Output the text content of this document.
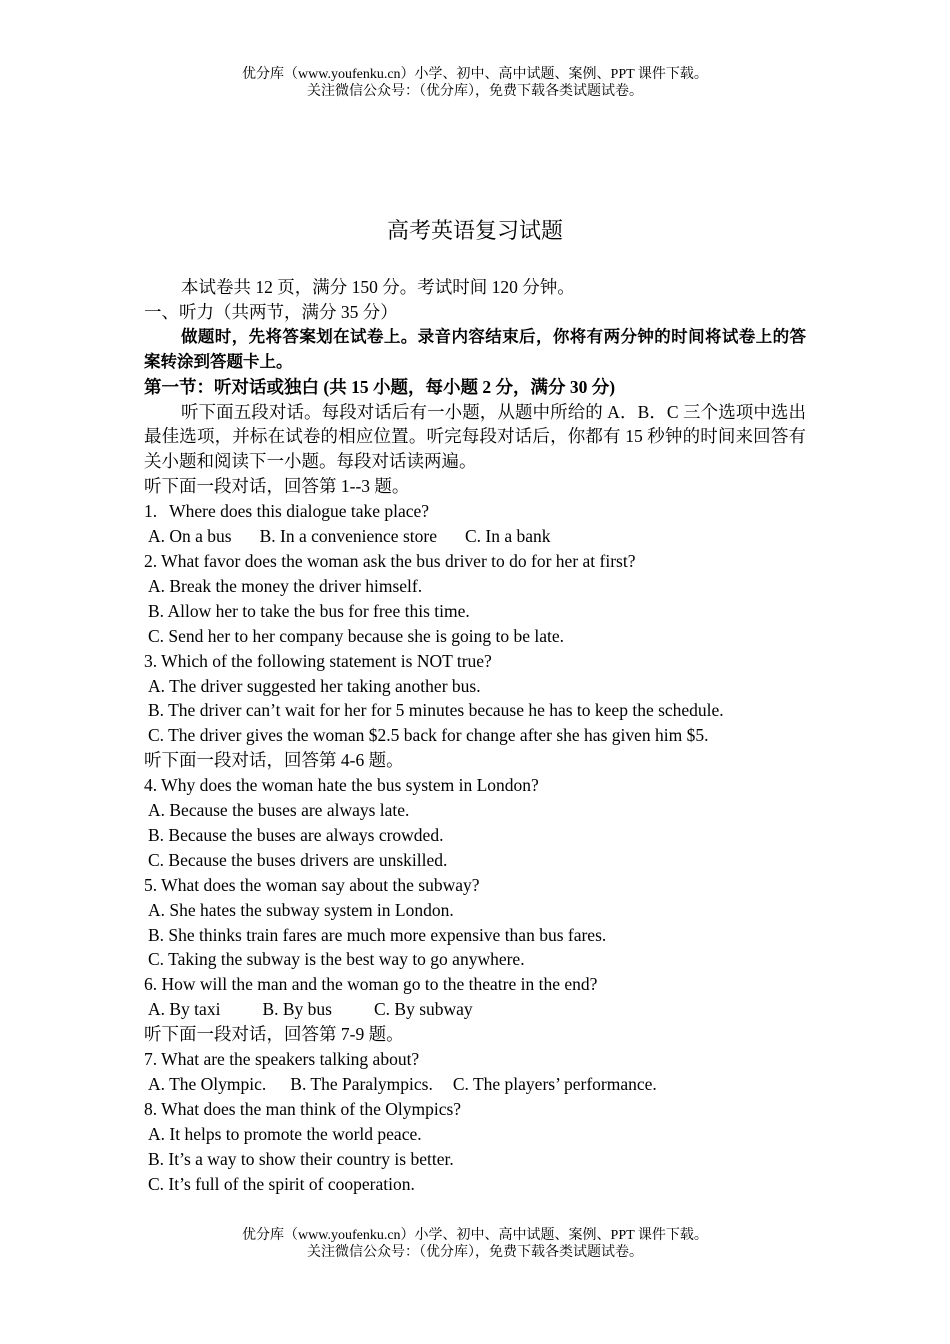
优分库（www.youfenku.cn）小学、初中、高中试题、案例、PPT 课件下载。
关注微信公众号：（优分库），免费下载各类试题试卷。
高考英语复习试题
本试卷共 12 页，满分 150 分。考试时间 120 分钟。
一、听力（共两节，满分 35 分）
做题时，先将答案划在试卷上。录音内容结束后，你将有两分钟的时间将试卷上的答案转涂到答题卡上。
第一节：听对话或独白 (共 15 小题，每小题 2 分，满分 30 分)
听下面五段对话。每段对话后有一小题，从题中所给的 A．B．C 三个选项中选出最佳选项，并标在试卷的相应位置。听完每段对话后，你都有 15 秒钟的时间来回答有关小题和阅读下一小题。每段对话读两遍。
听下面一段对话，回答第 1--3 题。
1. Where does this dialogue take place?
A. On a bus B. In a convenience store C. In a bank
2. What favor does the woman ask the bus driver to do for her at first?
A. Break the money the driver himself.
B. Allow her to take the bus for free this time.
C. Send her to her company because she is going to be late.
3. Which of the following statement is NOT true?
A. The driver suggested her taking another bus.
B. The driver can’t wait for her for 5 minutes because he has to keep the schedule.
C. The driver gives the woman $2.5 back for change after she has given him $5.
听下面一段对话，回答第 4-6 题。
4. Why does the woman hate the bus system in London?
A. Because the buses are always late.
B. Because the buses are always crowded.
C. Because the buses drivers are unskilled.
5. What does the woman say about the subway?
A. She hates the subway system in London.
B. She thinks train fares are much more expensive than bus fares.
C. Taking the subway is the best way to go anywhere.
6. How will the man and the woman go to the theatre in the end?
A. By taxi B. By bus C. By subway
听下面一段对话，回答第 7-9 题。
7. What are the speakers talking about?
A. The Olympic. B. The Paralympics. C. The players’ performance.
8. What does the man think of the Olympics?
A. It helps to promote the world peace.
B. It’s a way to show their country is better.
C. It’s full of the spirit of cooperation.
优分库（www.youfenku.cn）小学、初中、高中试题、案例、PPT 课件下载。
关注微信公众号：（优分库），免费下载各类试题试卷。
